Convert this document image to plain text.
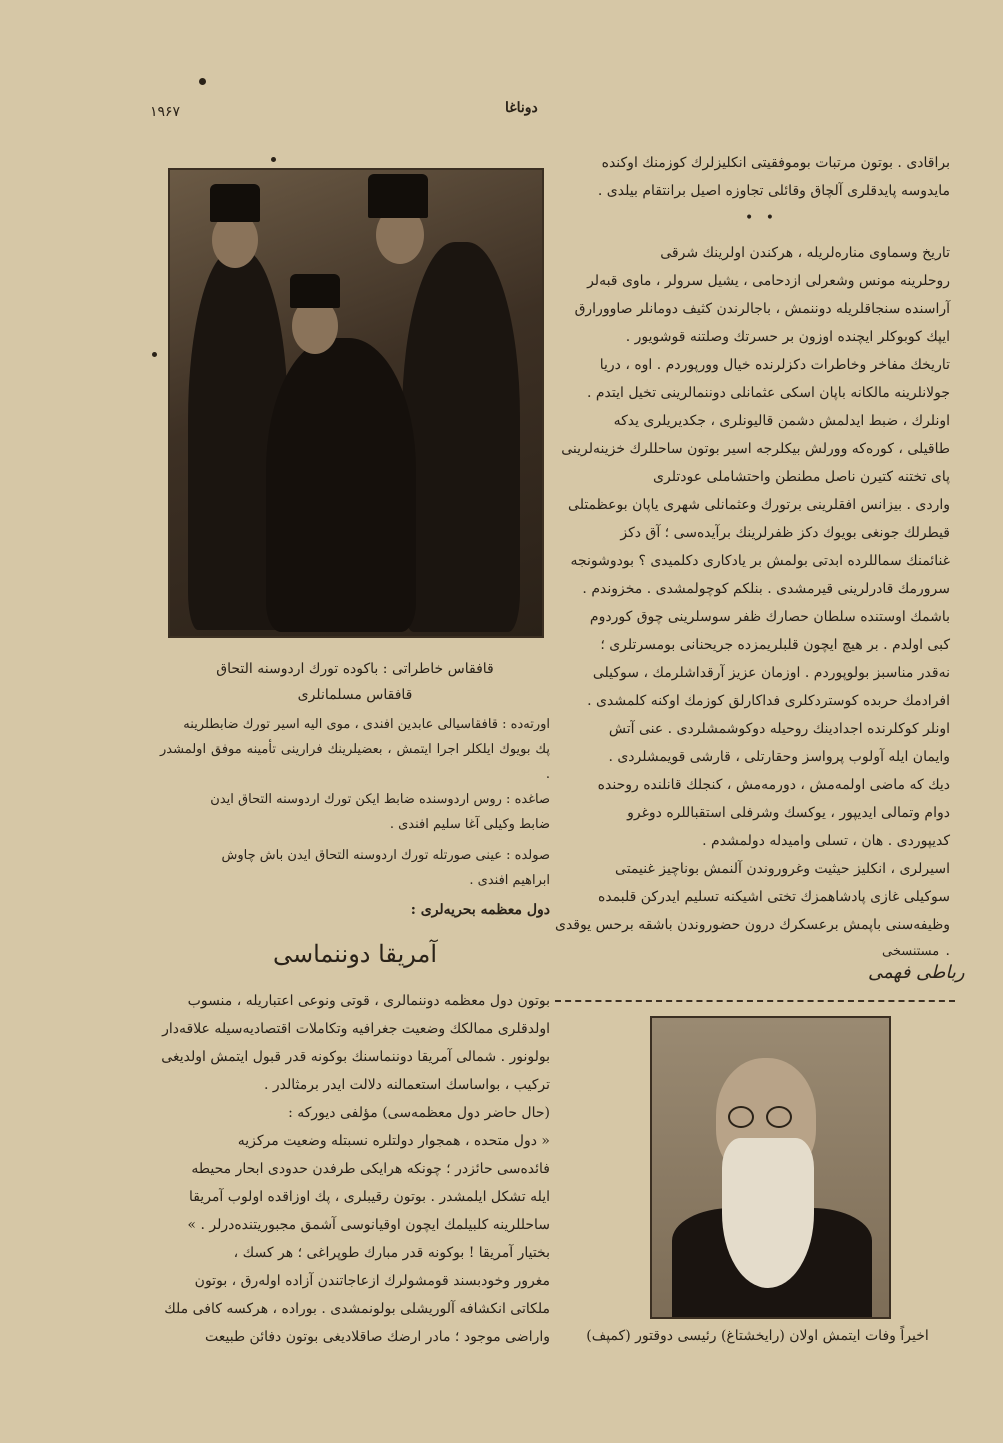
۱۹۶۷	دوناغا
قافقاس خاطراتی : باکوده تورك اردوسنه التحاق
قافقاس مسلمانلری
اورتەده : قافقاسیالی عابدین افندی ، موی الیه اسیر تورك ضابطلرینه
پك بویوك ایلکلر اجرا ایتمش ، بعضیلرینك فرارینی تأمینه موفق اولمشدر .
صاغده : روس اردوسنده ضابط ایکن تورك اردوسنه التحاق ایدن
ضابط وکیلی آغا سلیم افندی .
صولده : عینی صورتله تورك اردوسنه التحاق ایدن باش چاوش
ابراهیم افندی .
دول معظمه بحریه‌لری :
آمریقا دوننماسی

بوتون دول معظمه دوننمالری ، قوتی ونوعی اعتباریله ، منسوب

اولدقلری ممالکك وضعیت جغرافیه وتکاملات اقتصادیه‌سیله علاقه‌دار

بولونور . شمالی آمریقا دوننماسنك بوکونه قدر قبول ایتمش اولدیغی

ترکیب ، بواساسك استعمالنه دلالت ایدر برمثالدر .

(حال حاضر دول معظمه‌سی) مؤلفی دیورکه :

« دول متحده ، همجوار دولتلره نسبتله وضعیت مرکزیه

فائده‌سی حائزدر ؛ چونکه هرایکی طرفدن حدودی ابحار محیطه

ایله تشکل ایلمشدر . بوتون رقیبلری ، پك اوزاقده اولوب آمریقا

ساحللرینه کلبیلمك ایچون اوقیانوسی آشمق مجبوریتنده‌درلر . »

بختیار آمریقا ! بوکونه قدر مبارك طوپراغی ؛ هر کسك ،

مغرور وخودبسند قومشولرك ازعاجاتندن آزاده اولەرق ، بوتون

ملکاتی انکشافه آلوریشلی بولونمشدی . بورادە ، هرکسه کافی ملك

واراضی موجود ؛ مادر ارضك صاقلادیغی بوتون دفائن طبیعت

براقادی . بوتون مرتبات بوموفقیتی انکلیزلرك کوزمنك اوکنده

مایدوسه پایدقلری آلچاق وقائلی تجاوزه اصیل برانتقام بیلدی .

• •

تاریخ وسماوی منارەلریله ، هرکندن اولرینك شرقی

روحلرینه مونس وشعرلی ازدحامی ، یشیل سرولر ، ماوی قبه‌لر

آراسنده سنجاقلریله دوننمش ، باجالرندن کثیف دومانلر صاوورارق

ایپك کوبوکلر ایچنده اوزون بر حسرتك وصلتنه قوشویور .

تاریخك مفاخر وخاطرات دکزلرنده خیال وورپوردم . اوه ، دریا

جولانلرینه مالکانه باپان اسکی عثمانلی دوننمالرینی تخیل ایتدم .

اونلرك ، ضبط ایدلمش دشمن قالیونلری ، جکدیریلری یدکه

طاقیلی ، کورەکه وورلش بیکلرجه اسیر بوتون ساحللرك خزینه‌لرینی

پای تختنه کتیرن ناصل مطنطن واحتشاملی عودتلری

واردی . بیزانس افقلرینی برتورك وعثمانلی شهری یاپان بوعظمتلی

قیطرلك جونغی بویوك دکز ظفرلرینك برآیده‌سی ؛ آق دکز

غنائمنك سماللرده ابدتی بولمش بر یادکاری دکلمیدی ؟ بودوشونجه

سرورمك قادرلرینی قیرمشدی . بنلکم کوچولمشدی . مخزوندم .

باشمك اوستنده سلطان حصارك ظفر سوسلرینی چوق کوردوم

کبی اولدم . بر هیچ ایچون قلبلریمزده جریحنانی بومسرتلری ؛

نەقدر مناسبز بولوپوردم . اوزمان عزیز آرقداشلرمك ، سوکیلی

افرادمك حربده کوستردکلری فداکارلق کوزمك اوکنه کلمشدی .

اونلر کوکلرنده اجدادینك روحیله دوکوشمشلردی . عنی آتش

وایمان ایله آولوب پرواسز وحقارتلی ، قارشی قویمشلردی .

دیك که ماضی اولمەمش ، دورمەمش ، کنجلك قانلنده روحنده

دوام وتمالی ایدیپور ، یوکسك وشرفلی استقباللره دوغرو

کدیپوردی . هان ، تسلی وامیدله دولمشدم .

اسیرلری ، انکلیز حیثیت وغروروندن آلنمش بوناچیز غنیمتی

سوکیلی غازی پادشاهمزك تختی اشیکنه تسلیم ایدرکن قلبمده

وظیفه‌سنی باپمش برعسکرك درون حضوروندن باشقه برحس یوقدی .

مستنسخی
رباطی فهمی
اخیراً وفات ایتمش اولان (رایخشتاغ) رئیسی دوقتور (کمپف)
